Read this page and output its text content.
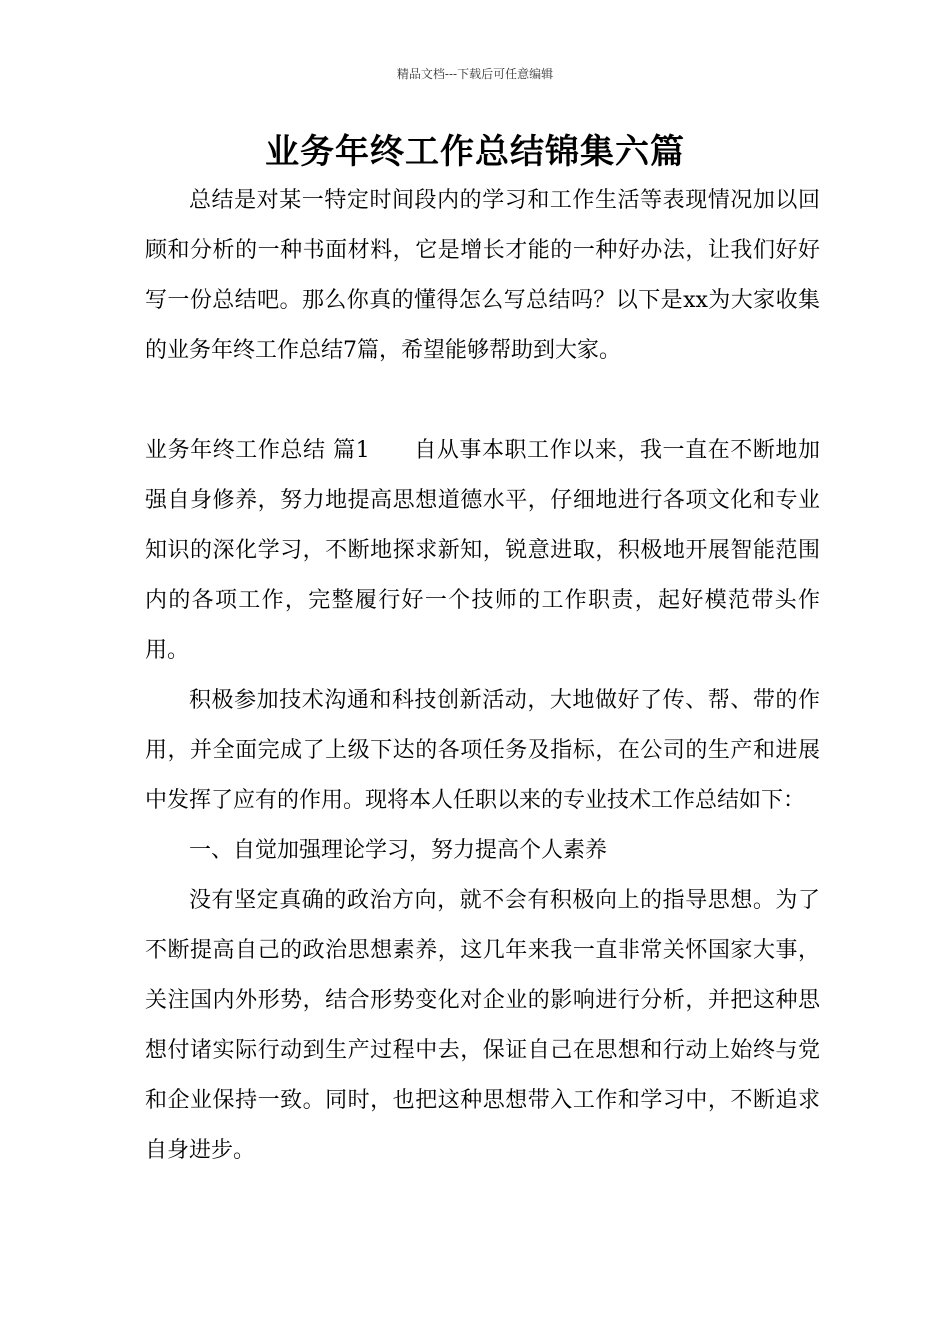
精品文档---下载后可任意编辑
业务年终工作总结锦集六篇

总结是对某一特定时间段内的学习和工作生活等表现情况加以回顾和分析的一种书面材料，它是增长才能的一种好办法，让我们好好写一份总结吧。那么你真的懂得怎么写总结吗？以下是xx为大家收集的业务年终工作总结7篇，希望能够帮助到大家。

业务年终工作总结 篇1 自从事本职工作以来，我一直在不断地加强自身修养，努力地提高思想道德水平，仔细地进行各项文化和专业知识的深化学习，不断地探求新知，锐意进取，积极地开展智能范围内的各项工作，完整履行好一个技师的工作职责，起好模范带头作用。

积极参加技术沟通和科技创新活动，大地做好了传、帮、带的作用，并全面完成了上级下达的各项任务及指标，在公司的生产和进展中发挥了应有的作用。现将本人任职以来的专业技术工作总结如下：

一、自觉加强理论学习，努力提高个人素养

没有坚定真确的政治方向，就不会有积极向上的指导思想。为了不断提高自己的政治思想素养，这几年来我一直非常关怀国家大事，关注国内外形势，结合形势变化对企业的影响进行分析，并把这种思想付诸实际行动到生产过程中去，保证自己在思想和行动上始终与党和企业保持一致。同时，也把这种思想带入工作和学习中，不断追求自身进步。
